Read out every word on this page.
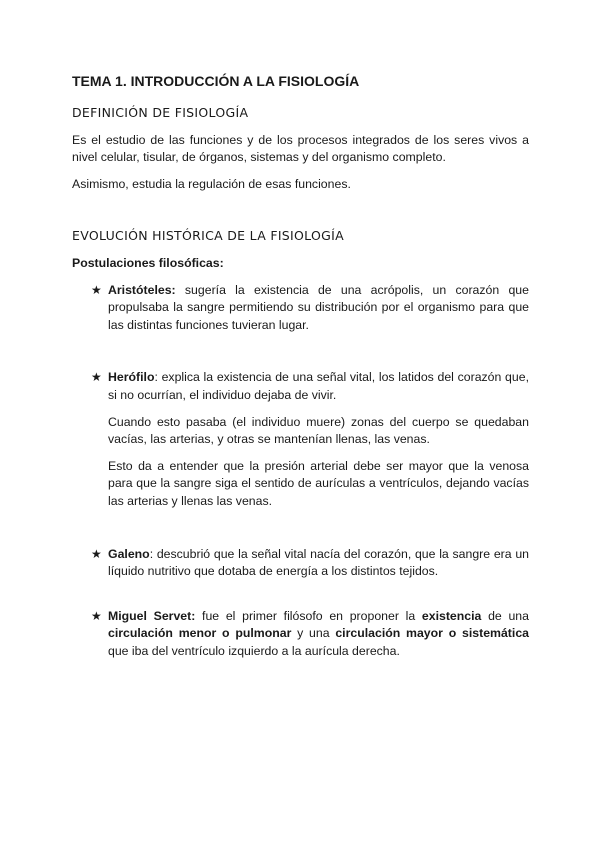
TEMA 1. INTRODUCCIÓN A LA FISIOLOGÍA
DEFINICIÓN DE FISIOLOGÍA

Es el estudio de las funciones y de los procesos integrados de los seres vivos a nivel celular, tisular, de órganos, sistemas y del organismo completo.

Asimismo, estudia la regulación de esas funciones.

EVOLUCIÓN HISTÓRICA DE LA FISIOLOGÍA
Postulaciones filosóficas:
★ Aristóteles: sugería la existencia de una acrópolis, un corazón que propulsaba la sangre permitiendo su distribución por el organismo para que las distintas funciones tuvieran lugar.

★ Herófilo: explica la existencia de una señal vital, los latidos del corazón que, si no ocurrían, el individuo dejaba de vivir.

Cuando esto pasaba (el individuo muere) zonas del cuerpo se quedaban vacías, las arterias, y otras se mantenían llenas, las venas.

Esto da a entender que la presión arterial debe ser mayor que la venosa para que la sangre siga el sentido de aurículas a ventrículos, dejando vacías las arterias y llenas las venas.

★ Galeno: descubrió que la señal vital nacía del corazón, que la sangre era un líquido nutritivo que dotaba de energía a los distintos tejidos.

★ Miguel Servet: fue el primer filósofo en proponer la existencia de una circulación menor o pulmonar y una circulación mayor o sistemática que iba del ventrículo izquierdo a la aurícula derecha.
